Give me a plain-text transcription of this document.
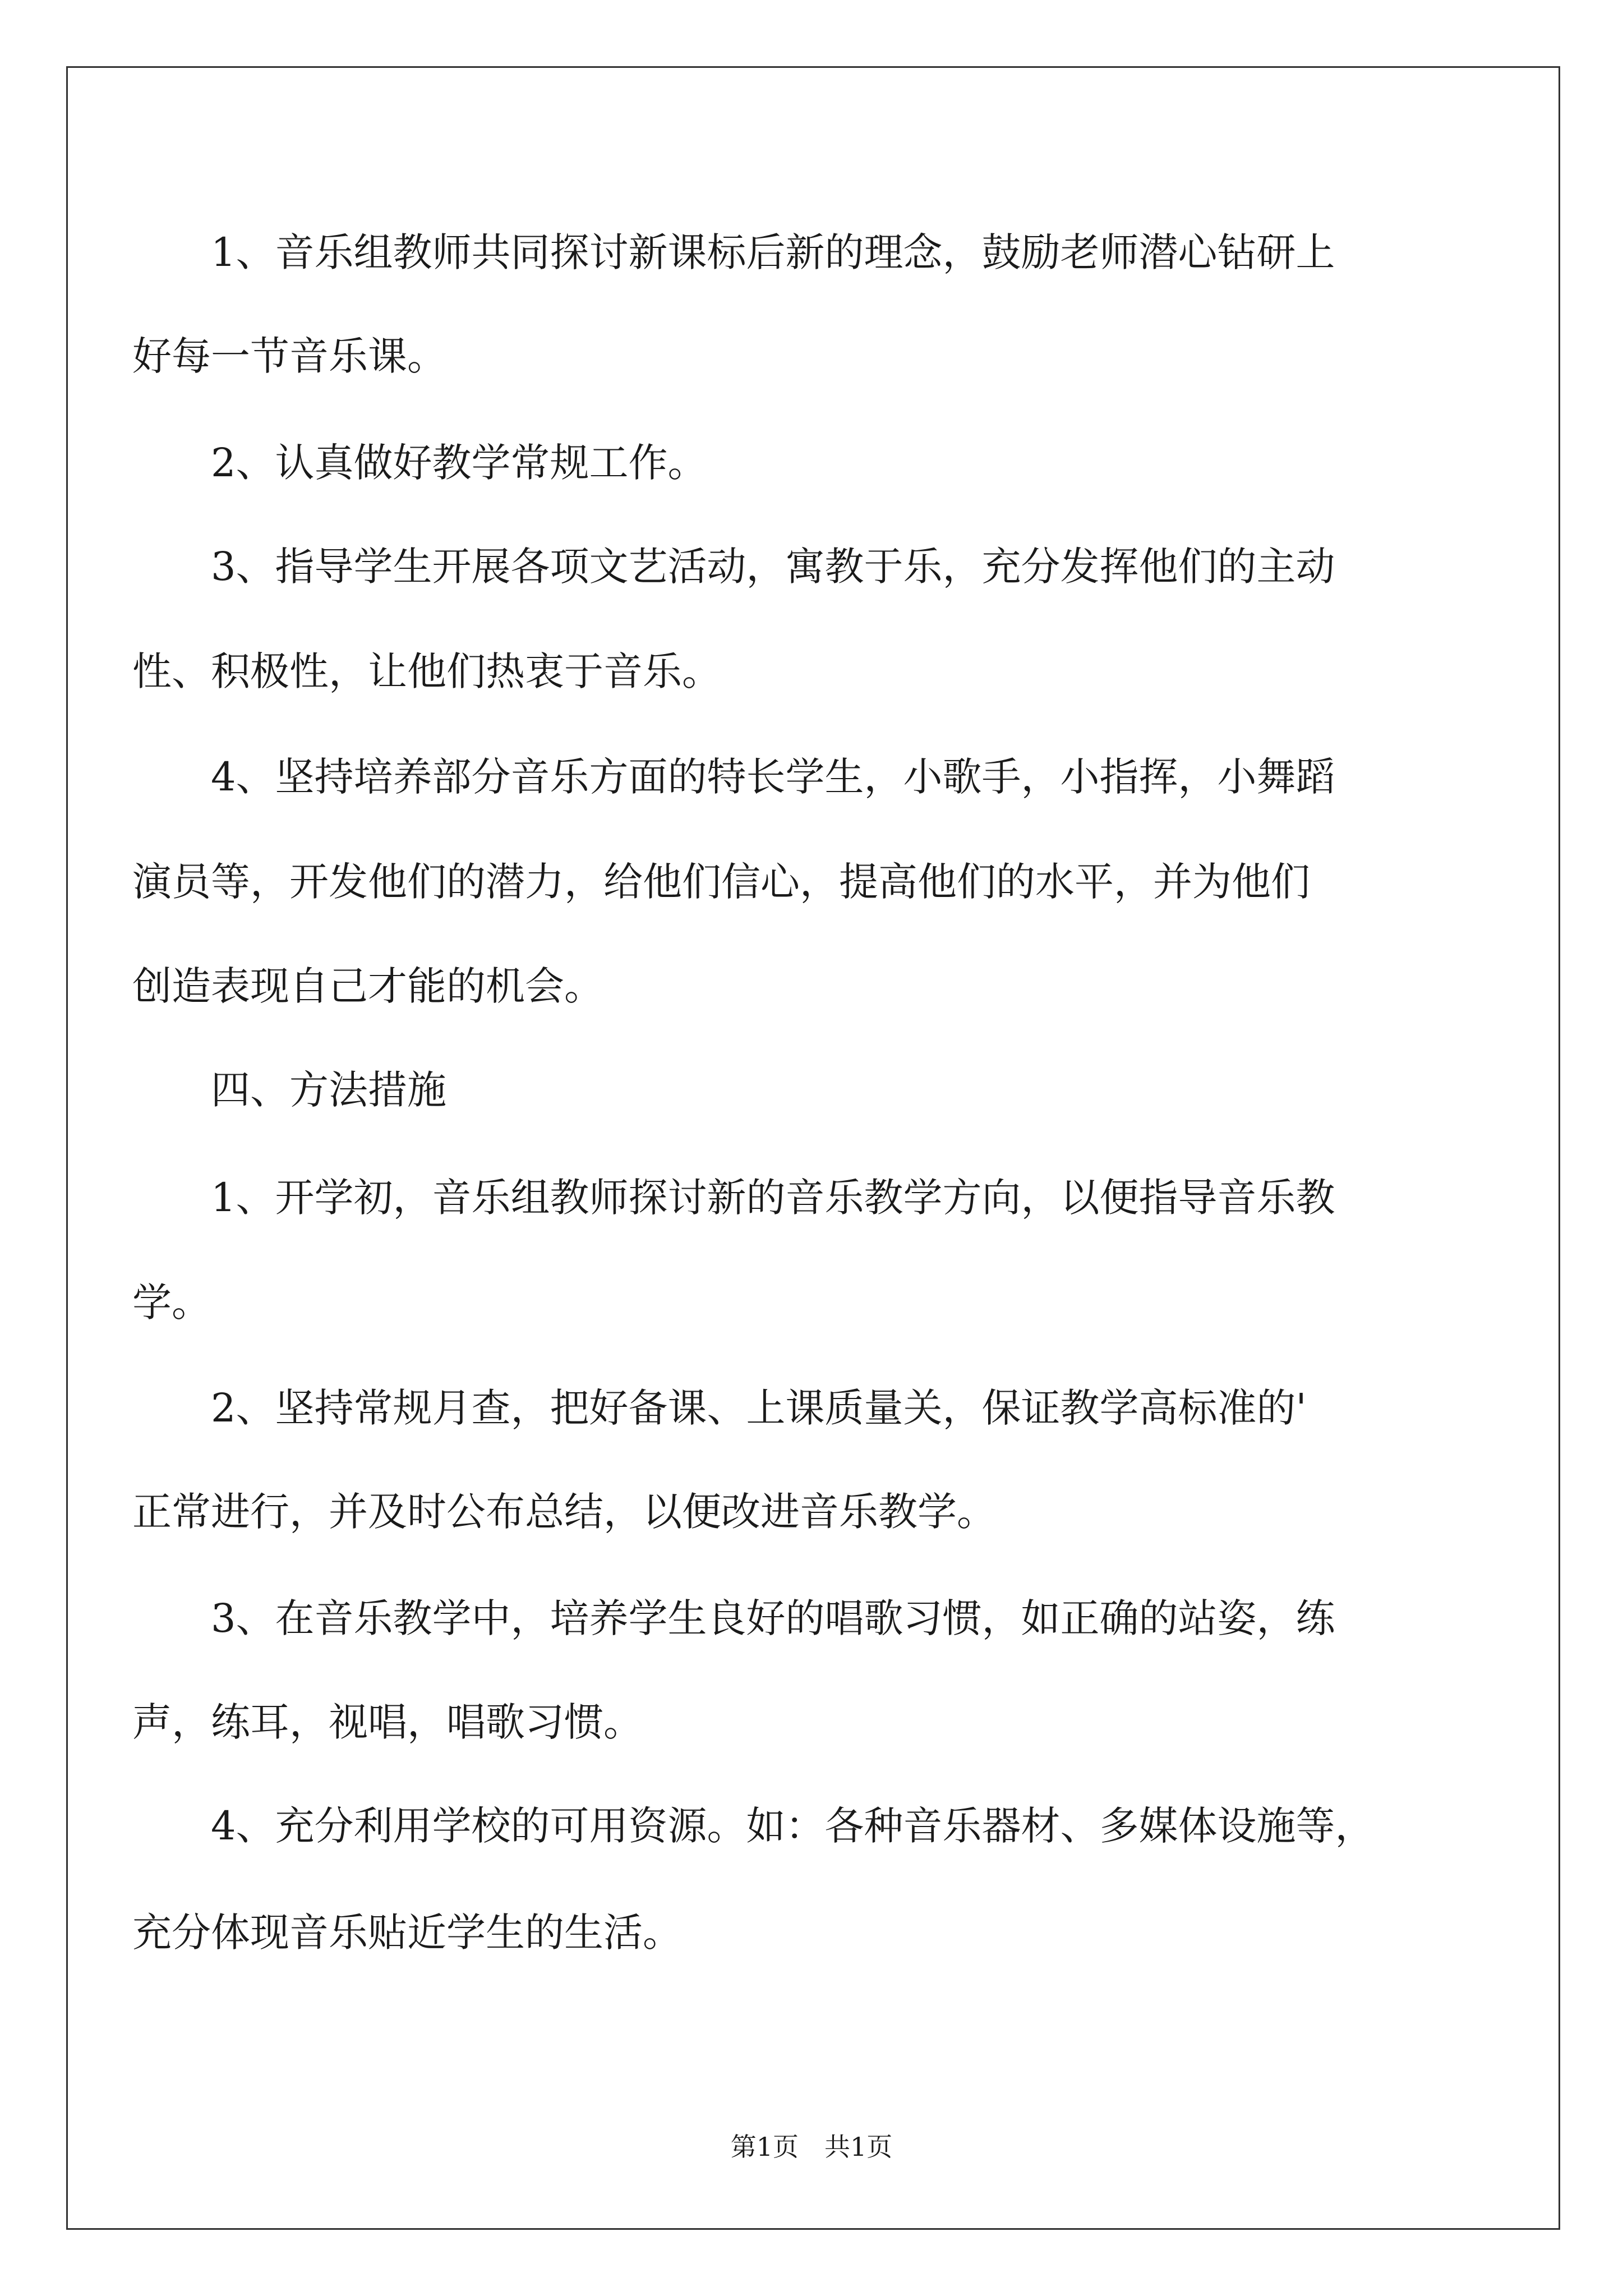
　　1、音乐组教师共同探讨新课标后新的理念，鼓励老师潜心钻研上

好每一节音乐课。

　　2、认真做好教学常规工作。

　　3、指导学生开展各项文艺活动，寓教于乐，充分发挥他们的主动

性、积极性，让他们热衷于音乐。

　　4、坚持培养部分音乐方面的特长学生，小歌手，小指挥，小舞蹈

演员等，开发他们的潜力，给他们信心，提高他们的水平，并为他们

创造表现自己才能的机会。

　　四、方法措施

　　1、开学初，音乐组教师探讨新的音乐教学方向，以便指导音乐教

学。

　　2、坚持常规月查，把好备课、上课质量关，保证教学高标准的'

正常进行，并及时公布总结，以便改进音乐教学。

　　3、在音乐教学中，培养学生良好的唱歌习惯，如正确的站姿，练

声，练耳，视唱，唱歌习惯。

　　4、充分利用学校的可用资源。如：各种音乐器材、多媒体设施等，

充分体现音乐贴近学生的生活。

第1页　共1页
